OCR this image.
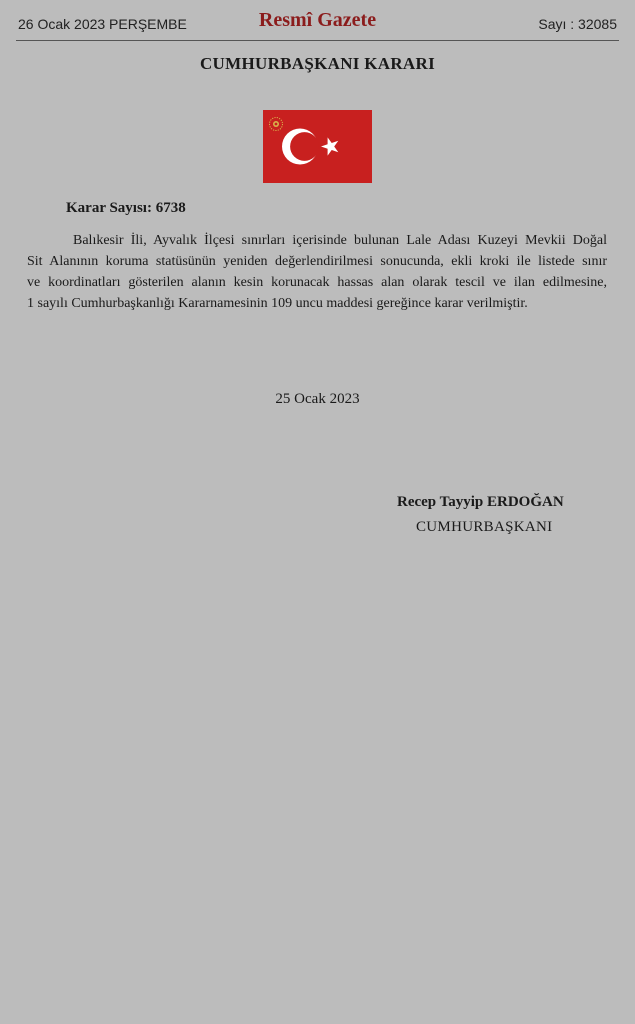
26 Ocak 2023 PERŞEMBE	Resmî Gazete	Sayı : 32085
CUMHURBAŞKANI KARARI
Karar Sayısı: 6738
Balıkesir İli, Ayvalık İlçesi sınırları içerisinde bulunan Lale Adası Kuzeyi Mevkii Doğal
Sit Alanının koruma statüsünün yeniden değerlendirilmesi sonucunda, ekli kroki ile listede sınır
ve koordinatları gösterilen alanın kesin korunacak hassas alan olarak tescil ve ilan edilmesine,
1 sayılı Cumhurbaşkanlığı Kararnamesinin 109 uncu maddesi gereğince karar verilmiştir.
25 Ocak 2023
Recep Tayyip ERDOĞAN
CUMHURBAŞKANI
